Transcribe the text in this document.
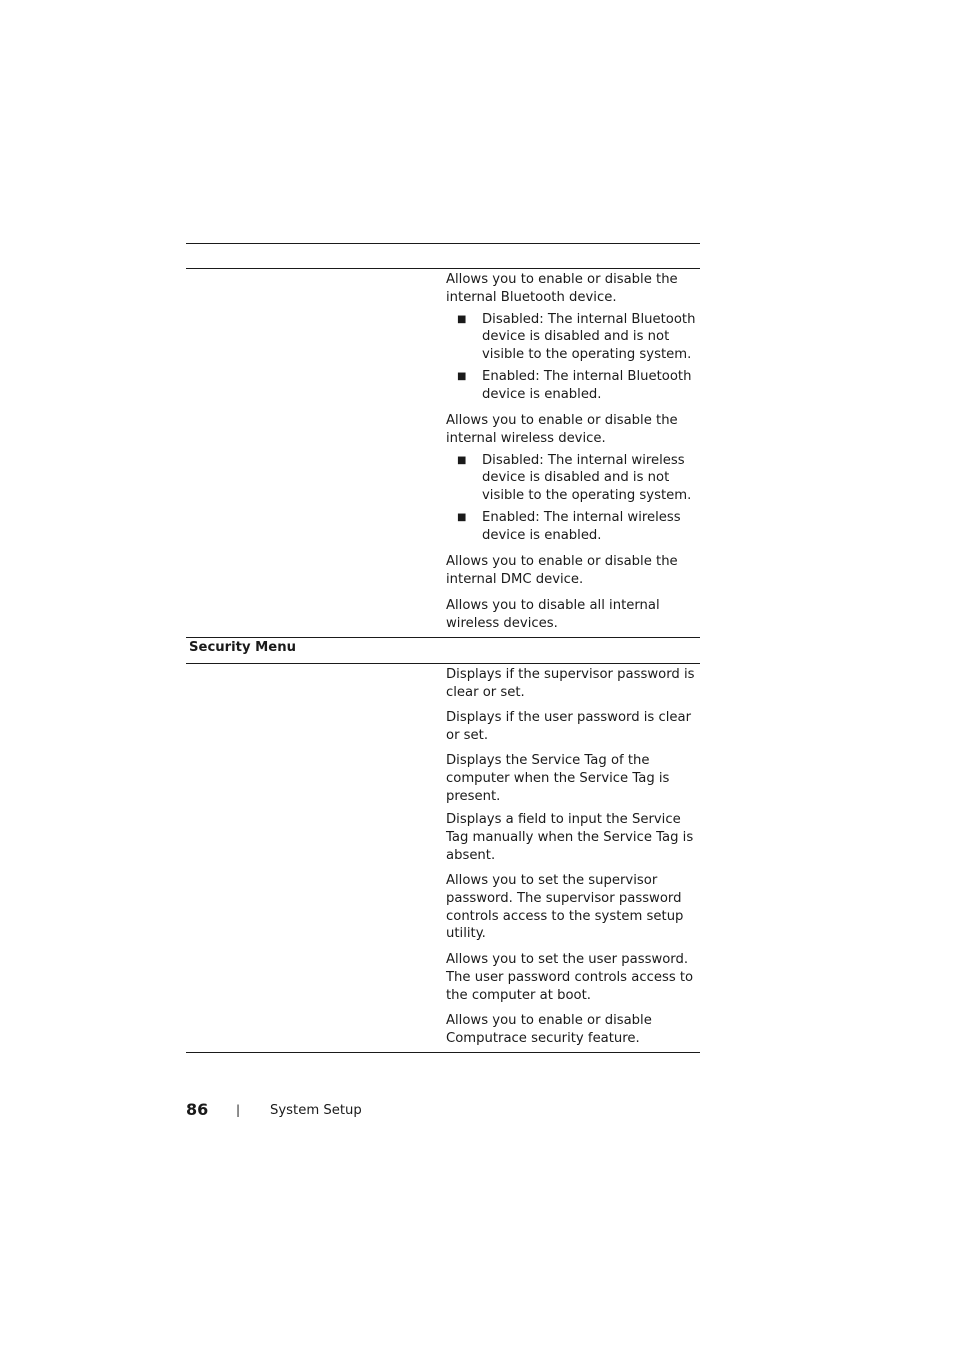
Allows you to enable or disable the internal Bluetooth device.

■ Disabled: The internal Bluetooth device is disabled and is not visible to the operating system.
■ Enabled: The internal Bluetooth device is enabled.

Allows you to enable or disable the internal wireless device.

■ Disabled: The internal wireless device is disabled and is not visible to the operating system.
■ Enabled: The internal wireless device is enabled.
Allows you to enable or disable the internal DMC device.
Allows you to disable all internal wireless devices.
Security Menu
Displays if the supervisor password is clear or set.
Displays if the user password is clear or set.
Displays the Service Tag of the computer when the Service Tag is present.
Displays a field to input the Service Tag manually when the Service Tag is absent.
Allows you to set the supervisor password. The supervisor password controls access to the system setup utility.
Allows you to set the user password. The user password controls access to the computer at boot.
Allows you to enable or disable Computrace security feature.
86 | System Setup
